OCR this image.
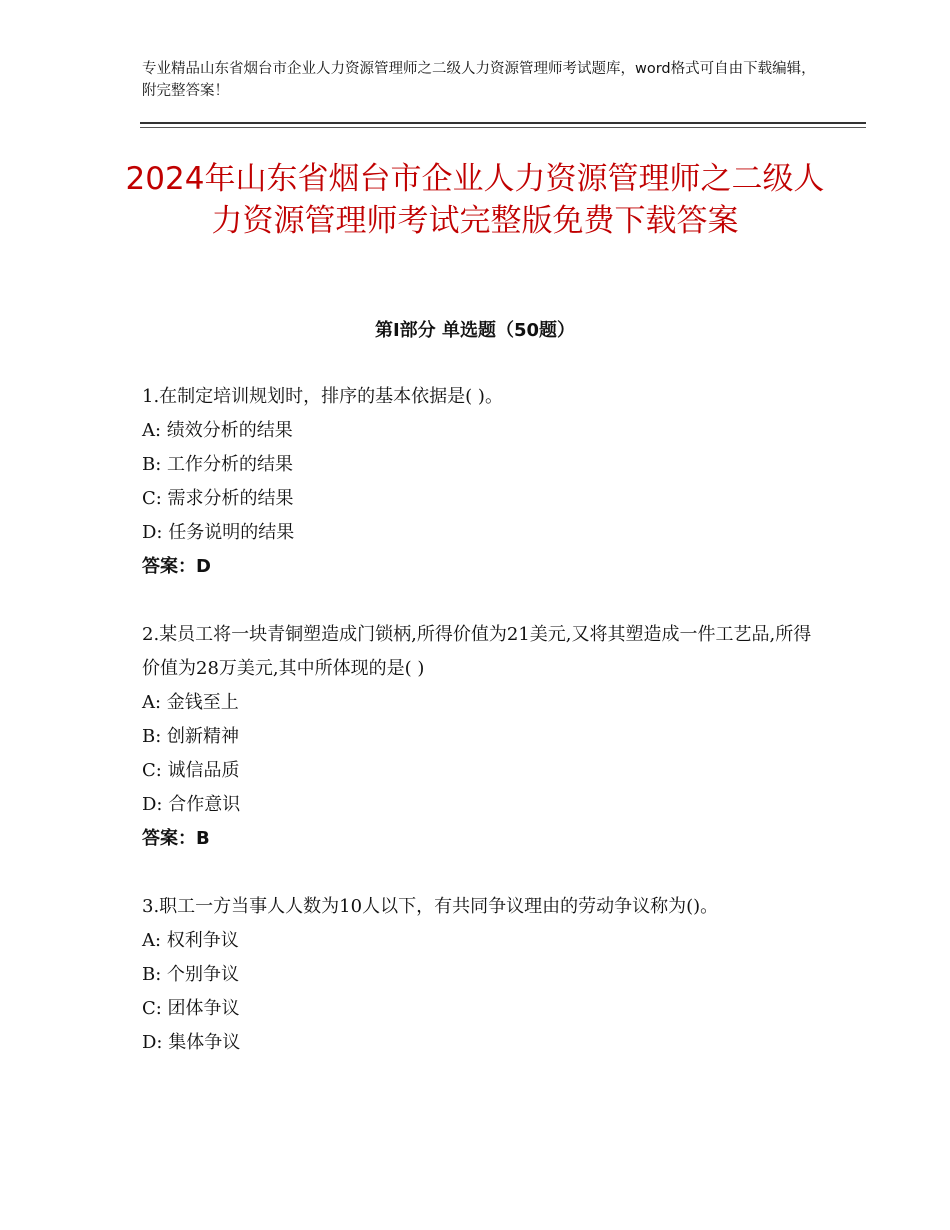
专业精品山东省烟台市企业人力资源管理师之二级人力资源管理师考试题库，word格式可自由下载编辑，附完整答案！
2024年山东省烟台市企业人力资源管理师之二级人力资源管理师考试完整版免费下载答案
第Ⅰ部分 单选题（50题）
1.在制定培训规划时，排序的基本依据是( )。
A: 绩效分析的结果
B: 工作分析的结果
C: 需求分析的结果
D: 任务说明的结果
答案：D
2.某员工将一块青铜塑造成门锁柄,所得价值为21美元,又将其塑造成一件工艺品,所得价值为28万美元,其中所体现的是( )
A: 金钱至上
B: 创新精神
C: 诚信品质
D: 合作意识
答案：B
3.职工一方当事人人数为10人以下，有共同争议理由的劳动争议称为()。
A: 权利争议
B: 个别争议
C: 团体争议
D: 集体争议
